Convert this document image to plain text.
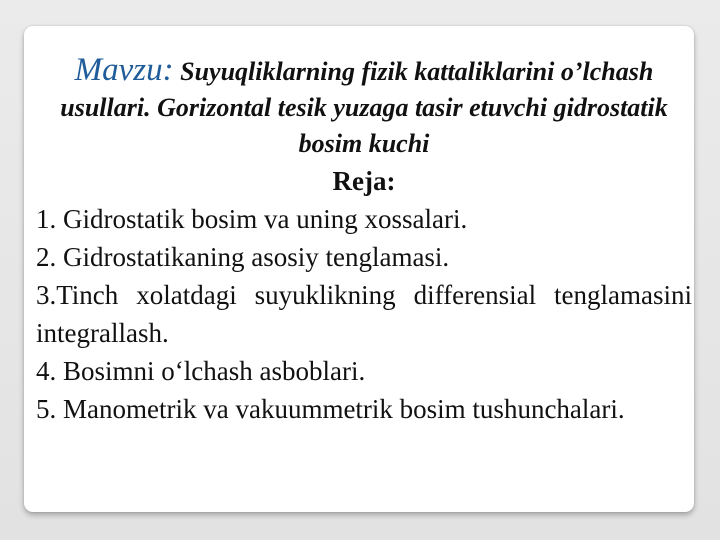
Mavzu: Suyuqliklarning fizik kattaliklarini o’lchash usullari. Gorizontal tesik yuzaga tasir etuvchi gidrostatik bosim kuchi

Reja:

1. Gidrostatik bosim va uning xossalari.
2. Gidrostatikaning asosiy tenglamasi.
3.Tinch xolatdagi suyuklikning differensial tenglamasini integrallash.
4. Bosimni o‘lchash asboblari.
5. Manometrik va vakuummetrik bosim tushunchalari.
